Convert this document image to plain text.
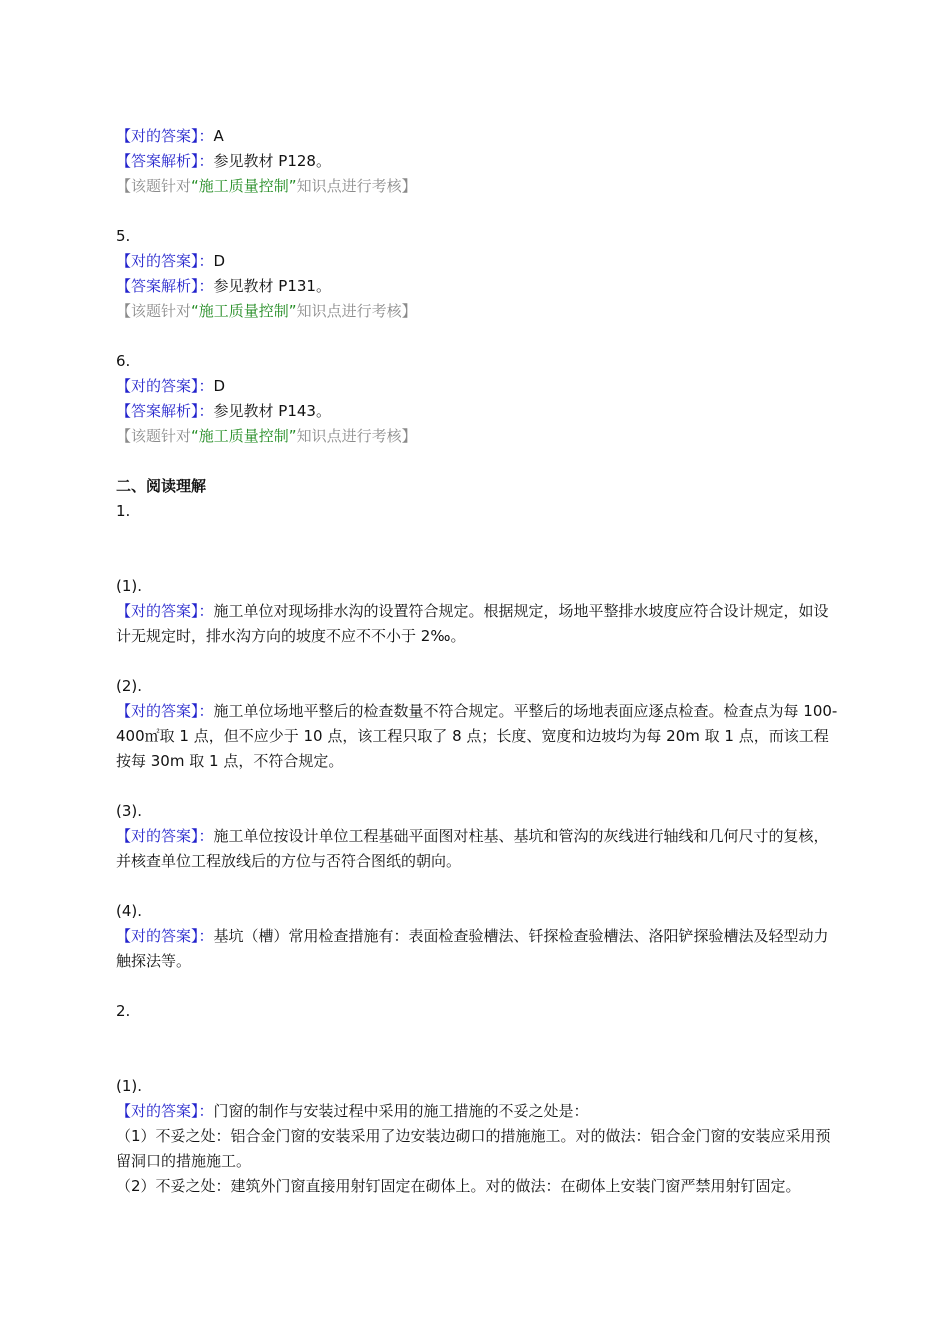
【对的答案】：A
【答案解析】：参见教材 P128。
【该题针对“施工质量控制”知识点进行考核】
5.
【对的答案】：D
【答案解析】：参见教材 P131。
【该题针对“施工质量控制”知识点进行考核】
6.
【对的答案】：D
【答案解析】：参见教材 P143。
【该题针对“施工质量控制”知识点进行考核】
二、阅读理解
1.
(1).
【对的答案】：施工单位对现场排水沟的设置符合规定。根据规定，场地平整排水坡度应符合设计规定，如设计无规定时，排水沟方向的坡度不应不不小于 2‰。
(2).
【对的答案】：施工单位场地平整后的检查数量不符合规定。平整后的场地表面应逐点检查。检查点为每 100-400㎡取 1 点，但不应少于 10 点，该工程只取了 8 点；长度、宽度和边坡均为每 20m 取 1 点，而该工程按每 30m 取 1 点，不符合规定。
(3).
【对的答案】：施工单位按设计单位工程基础平面图对柱基、基坑和管沟的灰线进行轴线和几何尺寸的复核，并核查单位工程放线后的方位与否符合图纸的朝向。
(4).
【对的答案】：基坑（槽）常用检查措施有：表面检查验槽法、钎探检查验槽法、洛阳铲探验槽法及轻型动力触探法等。
2.
(1).
【对的答案】：门窗的制作与安装过程中采用的施工措施的不妥之处是：
（1）不妥之处：铝合金门窗的安装采用了边安装边砌口的措施施工。对的做法：铝合金门窗的安装应采用预留洞口的措施施工。
（2）不妥之处：建筑外门窗直接用射钉固定在砌体上。对的做法：在砌体上安装门窗严禁用射钉固定。
